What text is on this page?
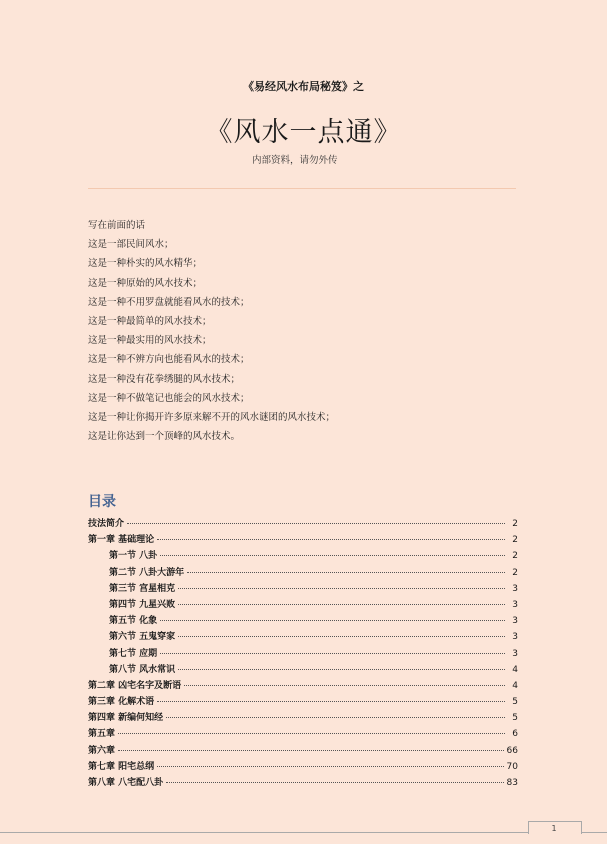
《易经风水布局秘笈》之
《风水一点通》
内部资料，请勿外传
写在前面的话
这是一部民间风水；
这是一种朴实的风水精华；
这是一种原始的风水技术；
这是一种不用罗盘就能看风水的技术；
这是一种最简单的风水技术；
这是一种最实用的风水技术；
这是一种不辨方向也能看风水的技术；
这是一种没有花拳绣腿的风水技术；
这是一种不做笔记也能会的风水技术；
这是一种让你揭开许多原来解不开的风水谜团的风水技术；
这是让你达到一个顶峰的风水技术。
目录
技法简介	2
第一章 基础理论	2
第一节 八卦	2
第二节 八卦大游年	2
第三节 宫星相克	3
第四节 九星兴败	3
第五节 化象	3
第六节 五鬼穿家	3
第七节 应期	3
第八节 风水常识	4
第二章 凶宅名字及断语	4
第三章 化解术语	5
第四章 新编何知经	5
第五章	6
第六章	66
第七章 阳宅总纲	70
第八章 八宅配八卦	83
1
